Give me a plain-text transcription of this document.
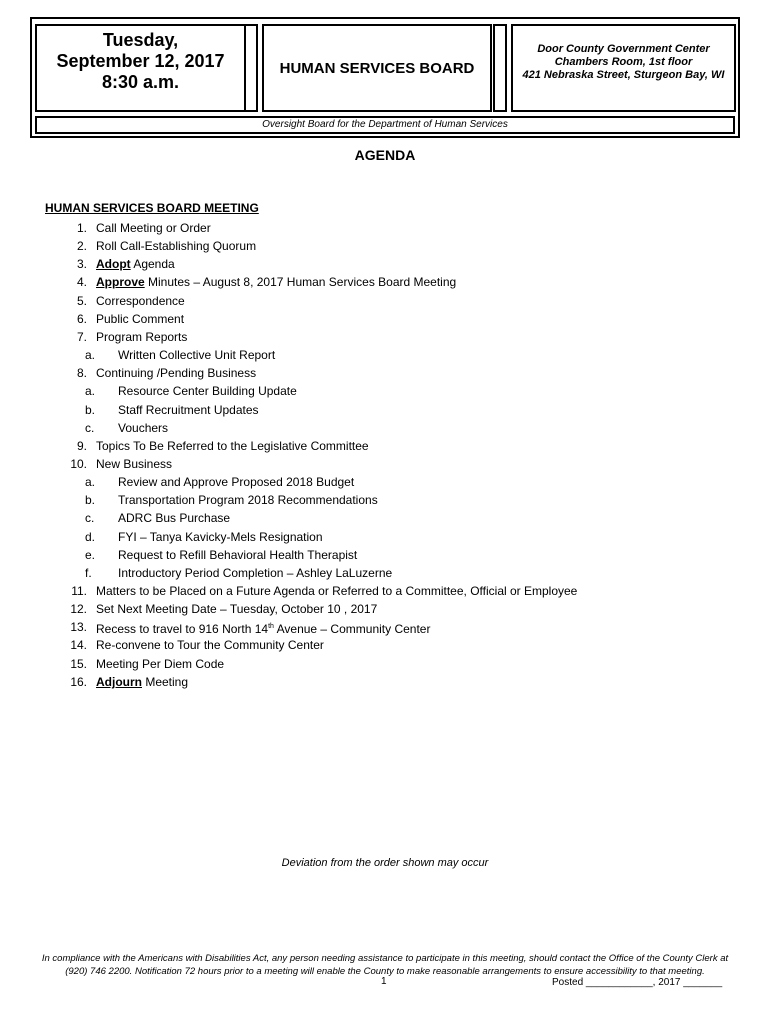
Tuesday,
September 12, 2017
8:30 a.m.
HUMAN SERVICES BOARD
Door County Government Center
Chambers Room, 1st floor
421 Nebraska Street, Sturgeon Bay, WI
Oversight Board for the Department of Human Services
AGENDA
HUMAN SERVICES BOARD MEETING
1. Call Meeting or Order
2. Roll Call-Establishing Quorum
3. Adopt Agenda
4. Approve Minutes – August 8, 2017 Human Services Board Meeting
5. Correspondence
6. Public Comment
7. Program Reports
a.	Written Collective Unit Report
8. Continuing /Pending Business
a.	Resource Center Building Update
b.	Staff Recruitment Updates
c.	Vouchers
9. Topics To Be Referred to the Legislative Committee
10. New Business
a.	Review and Approve Proposed 2018 Budget
b.	Transportation Program 2018 Recommendations
c.	ADRC Bus Purchase
d.	FYI – Tanya Kavicky-Mels Resignation
e.	Request to Refill Behavioral Health Therapist
f.	Introductory Period Completion – Ashley LaLuzerne
11. Matters to be Placed on a Future Agenda or Referred to a Committee, Official or Employee
12. Set Next Meeting Date – Tuesday, October 10 , 2017
13. Recess to travel to 916 North 14th Avenue – Community Center
14. Re-convene to Tour the Community Center
15. Meeting Per Diem Code
16. Adjourn Meeting
Deviation from the order shown may occur
In compliance with the Americans with Disabilities Act, any person needing assistance to participate in this meeting, should contact the Office of the County Clerk at
(920) 746 2200. Notification 72 hours prior to a meeting will enable the County to make reasonable arrangements to ensure accessibility to that meeting.
1	Posted ____________, 2017 _______
